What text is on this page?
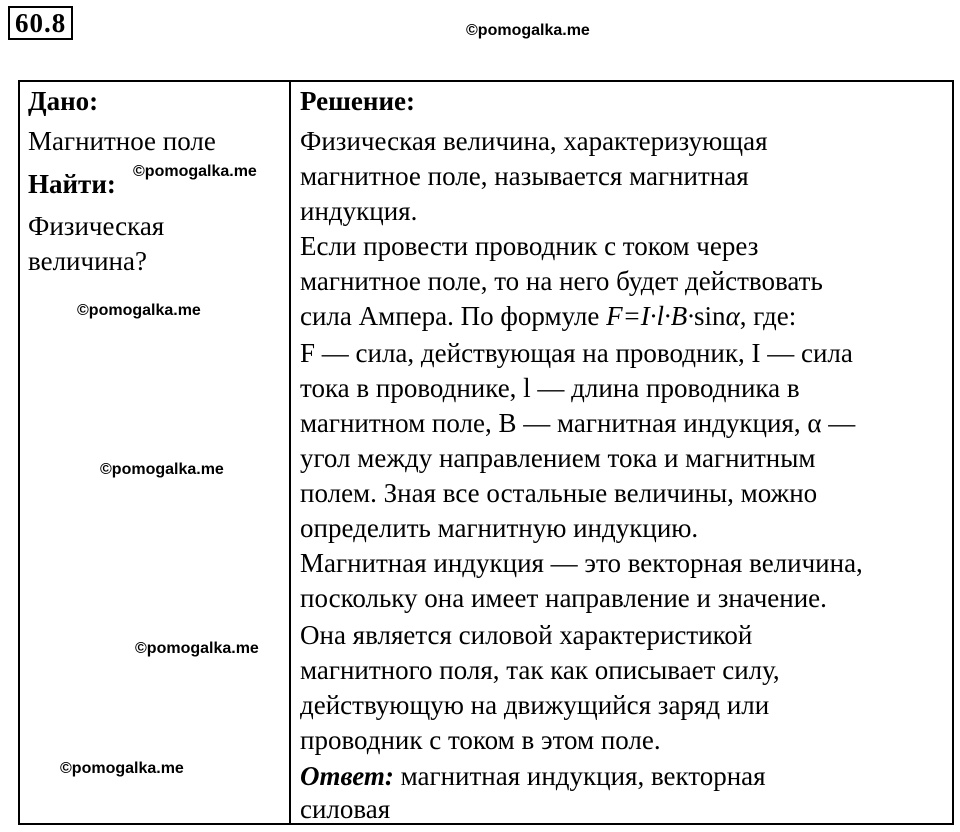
60.8	©pomogalka.me
Дано:
Магнитное поле
Найти: ©pomogalka.me
Физическая
величина?
©pomogalka.me
©pomogalka.me
©pomogalka.me
©pomogalka.me
Решение:
Физическая величина, характеризующая
магнитное поле, называется магнитная
индукция.
Если провести проводник с током через
магнитное поле, то на него будет действовать
сила Ампера. По формуле F=I·l·B·sinα, где:
F — сила, действующая на проводник, I — сила
тока в проводнике, l — длина проводника в
магнитном поле, B — магнитная индукция, α —
угол между направлением тока и магнитным
полем. Зная все остальные величины, можно
определить магнитную индукцию.
Магнитная индукция — это векторная величина,
поскольку она имеет направление и значение.
Она является силовой характеристикой
магнитного поля, так как описывает силу,
действующую на движущийся заряд или
проводник с током в этом поле.
Ответ: магнитная индукция, векторная
силовая
